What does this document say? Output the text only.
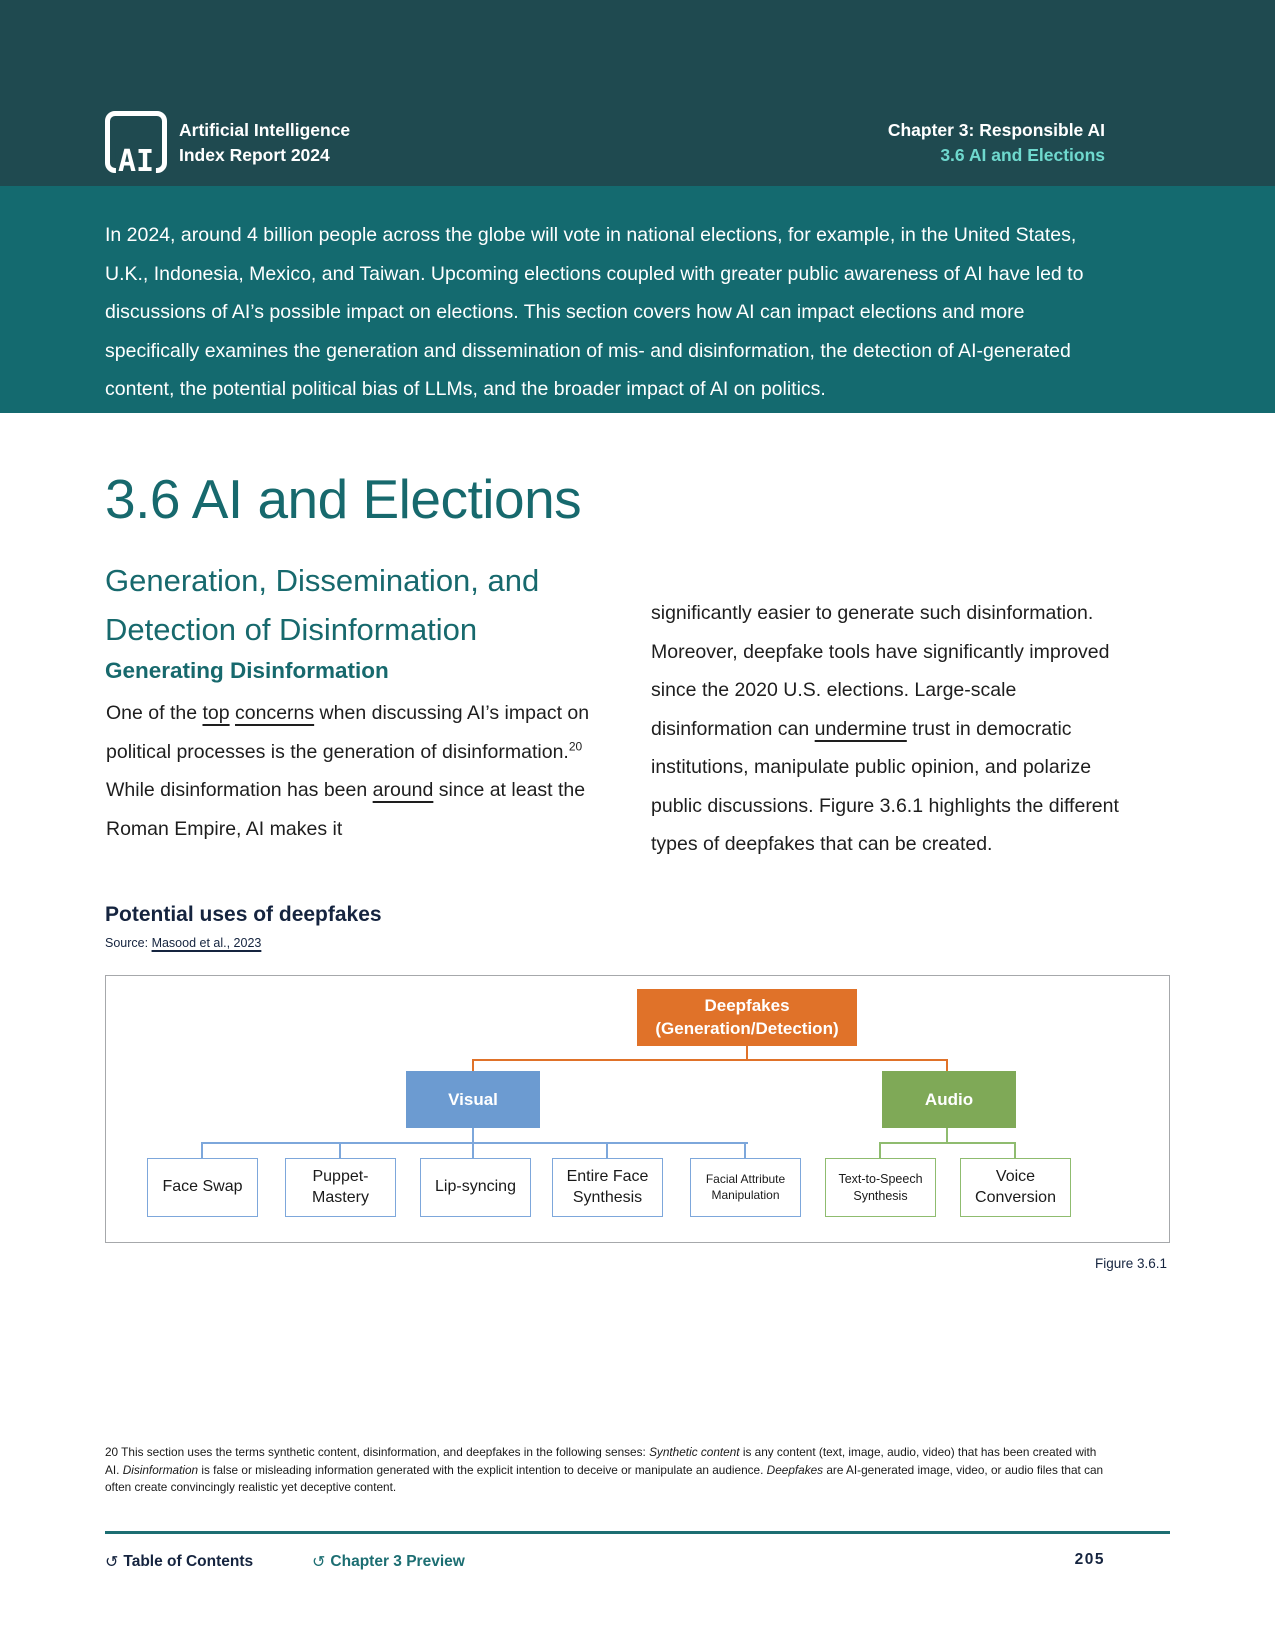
AI
Artificial Intelligence
Index Report 2024
Chapter 3: Responsible AI
3.6 AI and Elections

In 2024, around 4 billion people across the globe will vote in national elections, for example, in the United States, U.K., Indonesia, Mexico, and Taiwan. Upcoming elections coupled with greater public awareness of AI have led to discussions of AI’s possible impact on elections. This section covers how AI can impact elections and more specifically examines the generation and dissemination of mis- and disinformation, the detection of AI-generated content, the potential political bias of LLMs, and the broader impact of AI on politics.

3.6 AI and Elections
Generation, Dissemination, and Detection of Disinformation
Generating Disinformation
One of the top concerns when discussing AI’s impact on political processes is the generation of disinformation.$^{20}$ While disinformation has been around since at least the Roman Empire, AI makes it
significantly easier to generate such disinformation. Moreover, deepfake tools have significantly improved since the 2020 U.S. elections. Large-scale disinformation can undermine trust in democratic institutions, manipulate public opinion, and polarize public discussions. Figure 3.6.1 highlights the different types of deepfakes that can be created.
Potential uses of deepfakes
Source: Masood et al., 2023
Deepfakes (Generation/Detection)
Visual	Audio
Face Swap
Puppet-Mastery
Lip-syncing
Entire Face Synthesis
Facial Attribute Manipulation
Text-to-Speech Synthesis
Voice Conversion
Figure 3.6.1
20 This section uses the terms synthetic content, disinformation, and deepfakes in the following senses: Synthetic content is any content (text, image, audio, video) that has been created with AI. Disinformation is false or misleading information generated with the explicit intention to deceive or manipulate an audience. Deepfakes are AI-generated image, video, or audio files that can often create convincingly realistic yet deceptive content.
↺ Table of Contents	↺ Chapter 3 Preview	205
